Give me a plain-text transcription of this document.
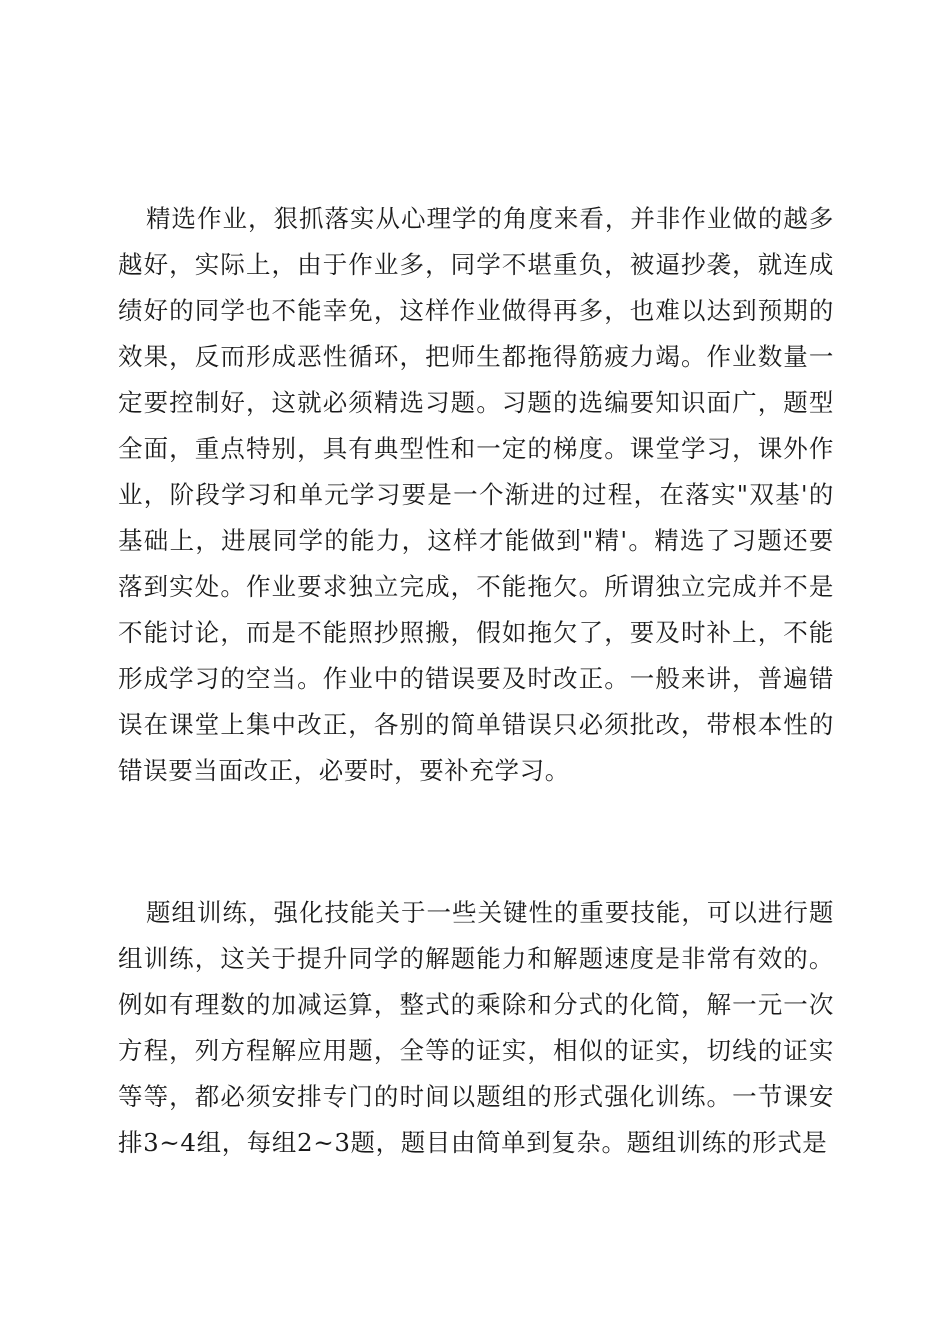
精选作业，狠抓落实从心理学的角度来看，并非作业做的越多越好，实际上，由于作业多，同学不堪重负，被逼抄袭，就连成绩好的同学也不能幸免，这样作业做得再多，也难以达到预期的效果，反而形成恶性循环，把师生都拖得筋疲力竭。作业数量一定要控制好，这就必须精选习题。习题的选编要知识面广，题型全面，重点特别，具有典型性和一定的梯度。课堂学习，课外作业，阶段学习和单元学习要是一个渐进的过程，在落实"双基'的基础上，进展同学的能力，这样才能做到"精'。精选了习题还要落到实处。作业要求独立完成，不能拖欠。所谓独立完成并不是不能讨论，而是不能照抄照搬，假如拖欠了，要及时补上，不能形成学习的空当。作业中的错误要及时改正。一般来讲，普遍错误在课堂上集中改正，各别的简单错误只必须批改，带根本性的错误要当面改正，必要时，要补充学习。

题组训练，强化技能关于一些关键性的重要技能，可以进行题组训练，这关于提升同学的解题能力和解题速度是非常有效的。例如有理数的加减运算，整式的乘除和分式的化简，解一元一次方程，列方程解应用题，全等的证实，相似的证实，切线的证实等等，都必须安排专门的时间以题组的形式强化训练。一节课安排3~4组，每组2~3题，题目由简单到复杂。题组训练的形式是
